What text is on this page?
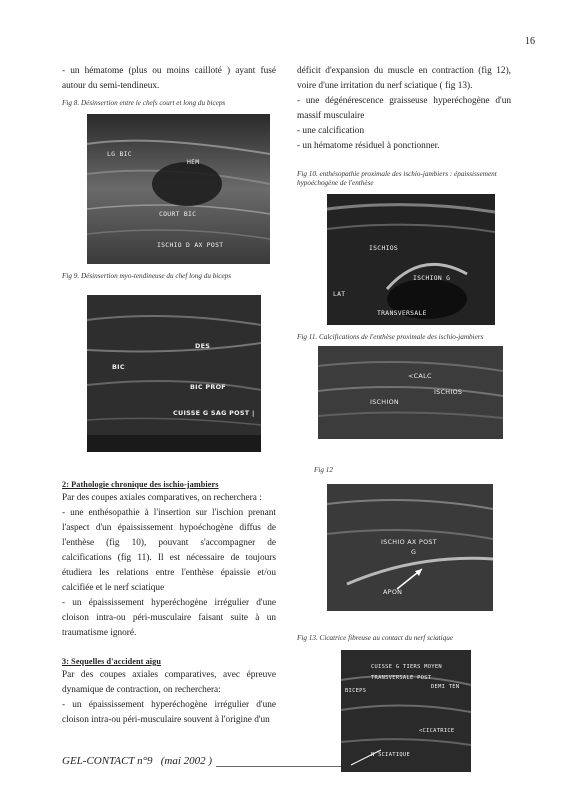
16
- un hématome (plus ou moins cailloté ) ayant fusé autour du semi-tendineux.
Fig 8. Désinsertion entre le chefs court et long du biceps
LG BIC
HEM
COURT BIC
ISCHIO D AX POST
Fig 9. Désinsertion myo-tendineuse du chef long du biceps
DES
BIC
BIC PROF
CUISSE G SAG POST |
2: Pathologie chronique des ischio-jambiers

Par des coupes axiales comparatives, on recherchera :

- une enthésopathie à l'insertion sur l'ischion prenant l'aspect d'un épaississement hypoéchogène diffus de l'enthèse (fig 10), pouvant s'accompagner de calcifications (fig 11). Il est nécessaire de toujours étudiera les relations entre l'enthèse épaissie et/ou calcifiée et le nerf sciatique

- un épaississement hyperéchogène irrégulier d'une cloison intra-ou péri-musculaire faisant suite à un traumatisme ignoré.

3: Sequelles d'accident aigu

Par des coupes axiales comparatives, avec épreuve dynamique de contraction, on recherchera:

- un épaississement hyperéchogène irrégulier d'une cloison intra-ou péri-musculaire souvent à l'origine d'un

déficit d'expansion du muscle en contraction (fig 12), voire d'une irritation du nerf sciatique ( fig 13).

- une dégénérescence graisseuse hyperéchogène d'un massif musculaire

- une calcification

- un hématome résiduel à ponctionner.

Fig 10. enthésopathie proximale des ischio-jambiers : épaississement hypoéchogène de l'enthèse
ISCHIOS
ISCHION G
LAT
TRANSVERSALE
Fig 11. Calcifications de l'enthèse proximale des ischio-jambiers
<CALC
ISCHIOS
ISCHION
Fig 12
ISCHIO AX POST
G
APON
Fig 13. Cicatrice fibreuse au contact du nerf sciatique
CUISSE G TIERS MOYEN
TRANSVERSALE POST
BICEPS
DEMI TEN
<CICATRICE
N SCIATIQUE
GEL-CONTACT n°9 (mai 2002 )
